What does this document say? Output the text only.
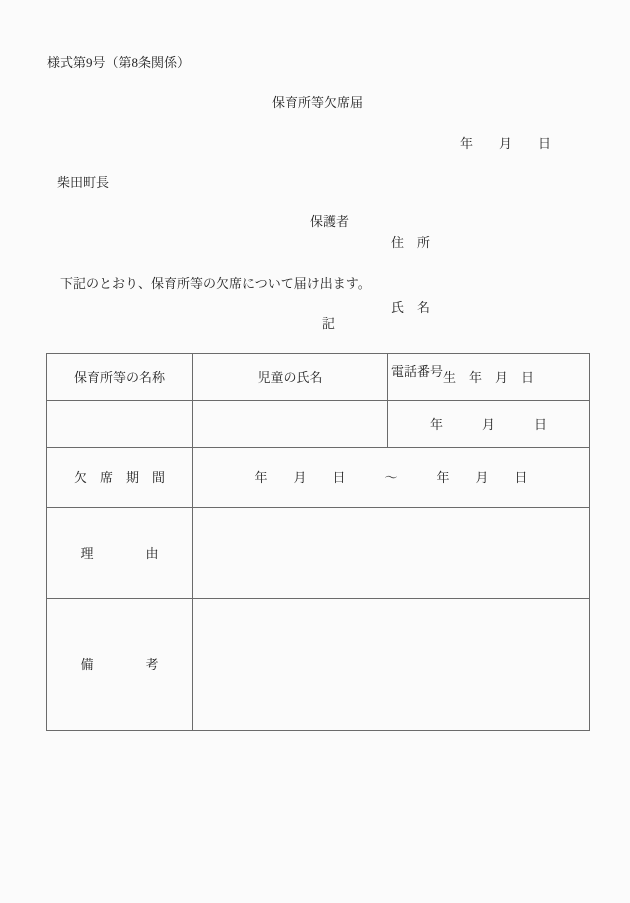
様式第9号（第8条関係）
保育所等欠席届
年　　月　　日
柴田町長
保護者

住　所

氏　名

電話番号

下記のとおり、保育所等の欠席について届け出ます。
記
保育所等の名称	児童の氏名	生　年　月　日
		年　　　月　　　日
欠　席　期　間	年　　月　　日　　　～　　　年　　月　　日	
理　　　　由		
備　　　　考		
